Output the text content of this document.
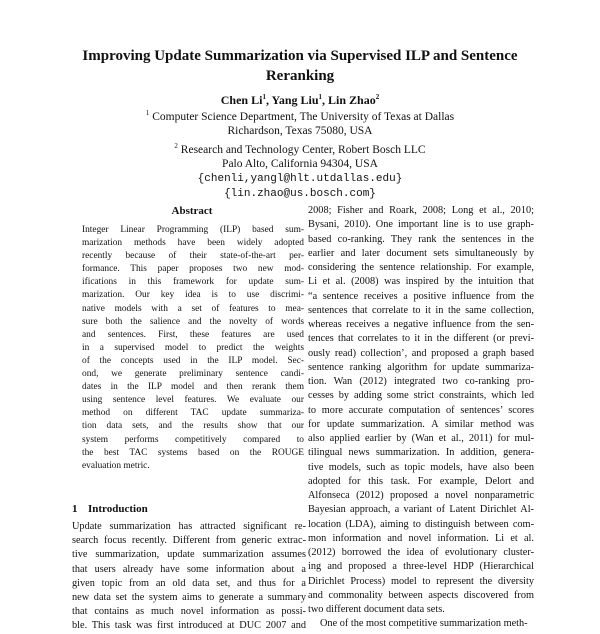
Improving Update Summarization via Supervised ILP and Sentence
Reranking
Chen Li$^1$, Yang Liu$^1$, Lin Zhao$^2$
$^1$ Computer Science Department, The University of Texas at Dallas
Richardson, Texas 75080, USA
$^2$ Research and Technology Center, Robert Bosch LLC
Palo Alto, California 94304, USA
{chenli,yangl@hlt.utdallas.edu}
{lin.zhao@us.bosch.com}
Abstract
Integer Linear Programming (ILP) based sum-
marization methods have been widely adopted
recently because of their state-of-the-art per-
formance. This paper proposes two new mod-
ifications in this framework for update sum-
marization. Our key idea is to use discrimi-
native models with a set of features to mea-
sure both the salience and the novelty of words
and sentences. First, these features are used
in a supervised model to predict the weights
of the concepts used in the ILP model. Sec-
ond, we generate preliminary sentence candi-
dates in the ILP model and then rerank them
using sentence level features. We evaluate our
method on different TAC update summariza-
tion data sets, and the results show that our
system performs competitively compared to
the best TAC systems based on the ROUGE
evaluation metric.
1 Introduction
Update summarization has attracted significant re-
search focus recently. Different from generic extrac-
tive summarization, update summarization assumes
that users already have some information about a
given topic from an old data set, and thus for a
new data set the system aims to generate a summary
that contains as much novel information as possi-
ble. This task was first introduced at DUC 2007 and
2008; Fisher and Roark, 2008; Long et al., 2010;
Bysani, 2010). One important line is to use graph-
based co-ranking. They rank the sentences in the
earlier and later document sets simultaneously by
considering the sentence relationship. For example,
Li et al. (2008) was inspired by the intuition that
“a sentence receives a positive influence from the
sentences that correlate to it in the same collection,
whereas receives a negative influence from the sen-
tences that correlates to it in the different (or previ-
ously read) collection’, and proposed a graph based
sentence ranking algorithm for update summariza-
tion. Wan (2012) integrated two co-ranking pro-
cesses by adding some strict constraints, which led
to more accurate computation of sentences’ scores
for update summarization. A similar method was
also applied earlier by (Wan et al., 2011) for mul-
tilingual news summarization. In addition, genera-
tive models, such as topic models, have also been
adopted for this task. For example, Delort and
Alfonseca (2012) proposed a novel nonparametric
Bayesian approach, a variant of Latent Dirichlet Al-
location (LDA), aiming to distinguish between com-
mon information and novel information. Li et al.
(2012) borrowed the idea of evolutionary cluster-
ing and proposed a three-level HDP (Hierarchical
Dirichlet Process) model to represent the diversity
and commonality between aspects discovered from
two different document data sets.
One of the most competitive summarization meth-
